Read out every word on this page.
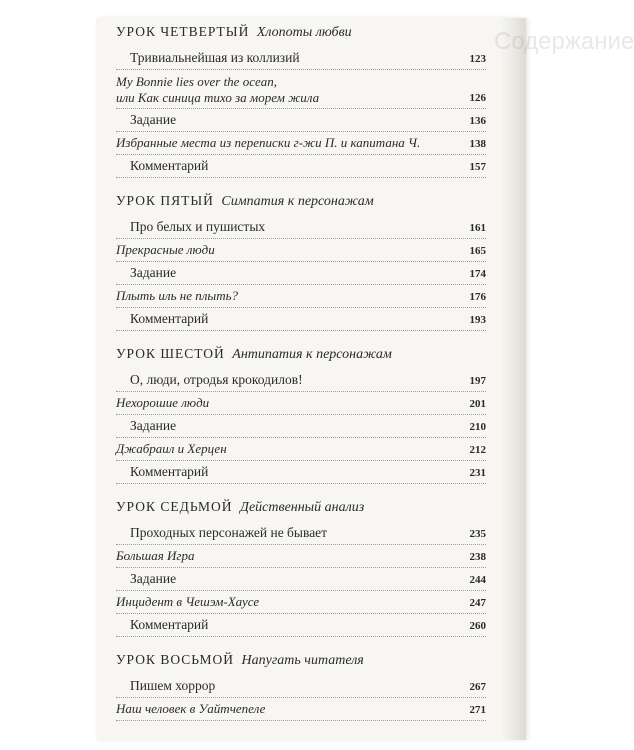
Содержание
УРОК ЧЕТВЕРТЫЙ Хлопоты любви
Тривиальнейшая из коллизий	123
My Bonnie lies over the ocean,
или Как синица тихо за морем жила	126
Задание	136
Избранные места из переписки г-жи П. и капитана Ч.	138
Комментарий	157
УРОК ПЯТЫЙ Симпатия к персонажам
Про белых и пушистых	161
Прекрасные люди	165
Задание	174
Плыть иль не плыть?	176
Комментарий	193
УРОК ШЕСТОЙ Антипатия к персонажам
О, люди, отродья крокодилов!	197
Нехорошие люди	201
Задание	210
Джабраил и Херцен	212
Комментарий	231
УРОК СЕДЬМОЙ Действенный анализ
Проходных персонажей не бывает	235
Большая Игра	238
Задание	244
Инцидент в Чешэм-Хаусе	247
Комментарий	260
УРОК ВОСЬМОЙ Напугать читателя
Пишем хоррор	267
Наш человек в Уайтчепеле	271
